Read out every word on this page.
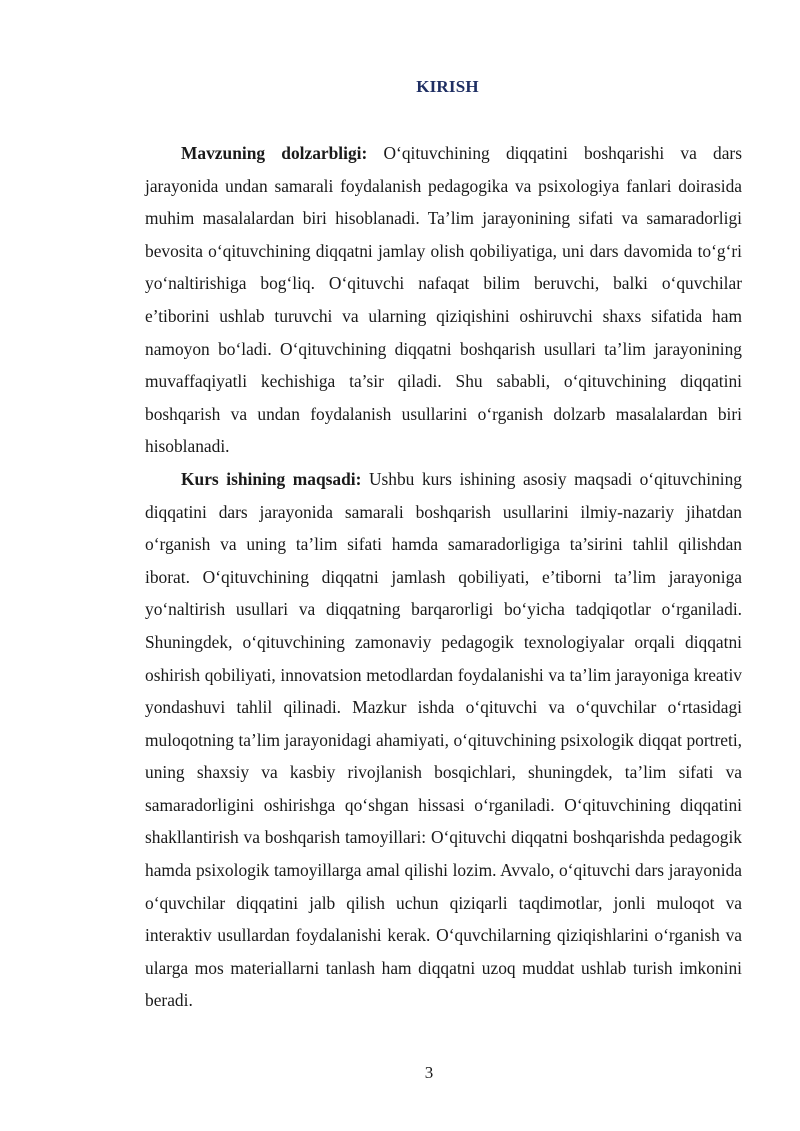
KIRISH

Mavzuning dolzarbligi: O‘qituvchining diqqatini boshqarishi va dars jarayonida undan samarali foydalanish pedagogika va psixologiya fanlari doirasida muhim masalalardan biri hisoblanadi. Ta’lim jarayonining sifati va samaradorligi bevosita o‘qituvchining diqqatni jamlay olish qobiliyatiga, uni dars davomida to‘g‘ri yo‘naltirishiga bog‘liq. O‘qituvchi nafaqat bilim beruvchi, balki o‘quvchilar e’tiborini ushlab turuvchi va ularning qiziqishini oshiruvchi shaxs sifatida ham namoyon bo‘ladi. O‘qituvchining diqqatni boshqarish usullari ta’lim jarayonining muvaffaqiyatli kechishiga ta’sir qiladi. Shu sababli, o‘qituvchining diqqatini boshqarish va undan foydalanish usullarini o‘rganish dolzarb masalalardan biri hisoblanadi.

Kurs ishining maqsadi: Ushbu kurs ishining asosiy maqsadi o‘qituvchining diqqatini dars jarayonida samarali boshqarish usullarini ilmiy-nazariy jihatdan o‘rganish va uning ta’lim sifati hamda samaradorligiga ta’sirini tahlil qilishdan iborat. O‘qituvchining diqqatni jamlash qobiliyati, e’tiborni ta’lim jarayoniga yo‘naltirish usullari va diqqatning barqarorligi bo‘yicha tadqiqotlar o‘rganiladi. Shuningdek, o‘qituvchining zamonaviy pedagogik texnologiyalar orqali diqqatni oshirish qobiliyati, innovatsion metodlardan foydalanishi va ta’lim jarayoniga kreativ yondashuvi tahlil qilinadi. Mazkur ishda o‘qituvchi va o‘quvchilar o‘rtasidagi muloqotning ta’lim jarayonidagi ahamiyati, o‘qituvchining psixologik diqqat portreti, uning shaxsiy va kasbiy rivojlanish bosqichlari, shuningdek, ta’lim sifati va samaradorligini oshirishga qo‘shgan hissasi o‘rganiladi. O‘qituvchining diqqatini shakllantirish va boshqarish tamoyillari: O‘qituvchi diqqatni boshqarishda pedagogik hamda psixologik tamoyillarga amal qilishi lozim. Avvalo, o‘qituvchi dars jarayonida o‘quvchilar diqqatini jalb qilish uchun qiziqarli taqdimotlar, jonli muloqot va interaktiv usullardan foydalanishi kerak. O‘quvchilarning qiziqishlarini o‘rganish va ularga mos materiallarni tanlash ham diqqatni uzoq muddat ushlab turish imkonini beradi.

3
